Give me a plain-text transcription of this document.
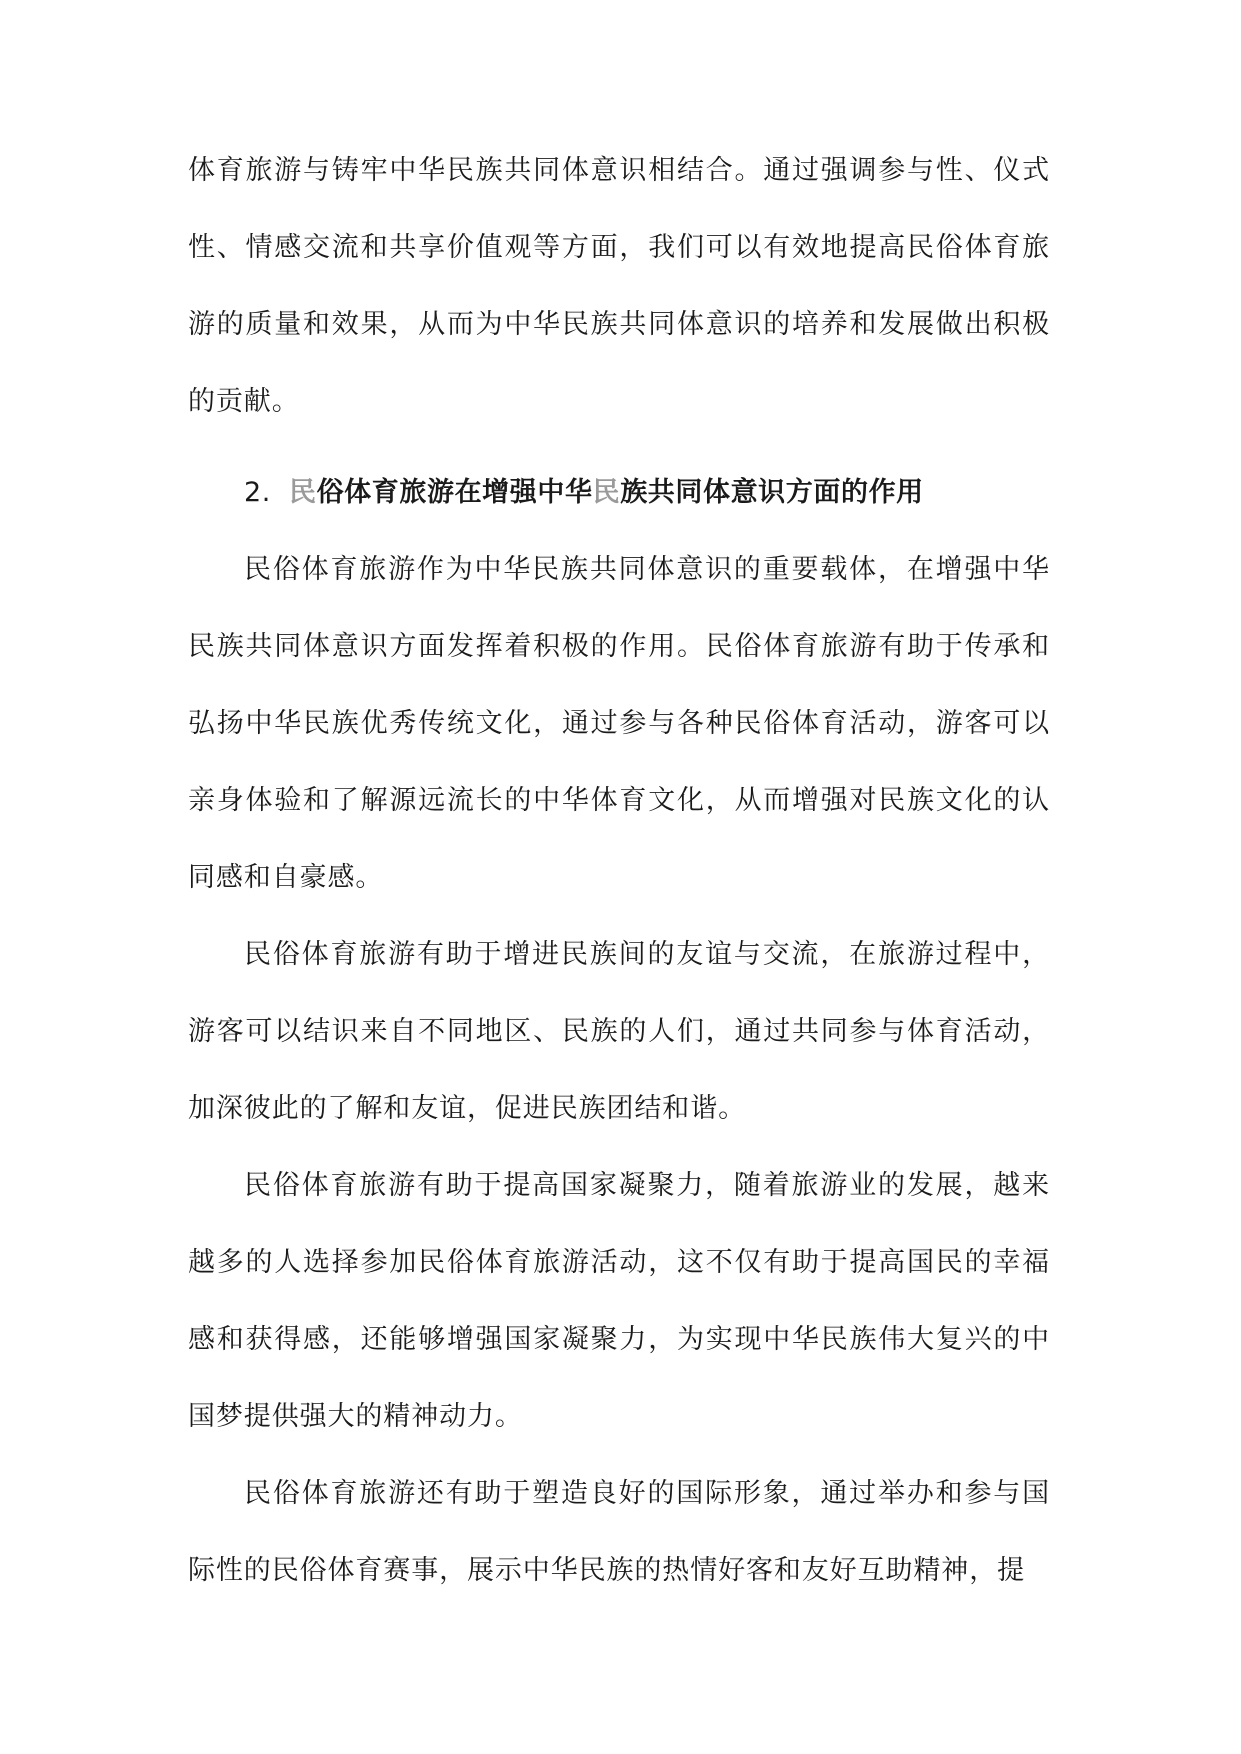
体育旅游与铸牢中华民族共同体意识相结合。通过强调参与性、仪式性、情感交流和共享价值观等方面，我们可以有效地提高民俗体育旅游的质量和效果，从而为中华民族共同体意识的培养和发展做出积极的贡献。

2. 民俗体育旅游在增强中华民族共同体意识方面的作用

民俗体育旅游作为中华民族共同体意识的重要载体，在增强中华民族共同体意识方面发挥着积极的作用。民俗体育旅游有助于传承和弘扬中华民族优秀传统文化，通过参与各种民俗体育活动，游客可以亲身体验和了解源远流长的中华体育文化，从而增强对民族文化的认同感和自豪感。

民俗体育旅游有助于增进民族间的友谊与交流，在旅游过程中，游客可以结识来自不同地区、民族的人们，通过共同参与体育活动，加深彼此的了解和友谊，促进民族团结和谐。

民俗体育旅游有助于提高国家凝聚力，随着旅游业的发展，越来越多的人选择参加民俗体育旅游活动，这不仅有助于提高国民的幸福感和获得感，还能够增强国家凝聚力，为实现中华民族伟大复兴的中国梦提供强大的精神动力。

民俗体育旅游还有助于塑造良好的国际形象，通过举办和参与国际性的民俗体育赛事，展示中华民族的热情好客和友好互助精神，提
